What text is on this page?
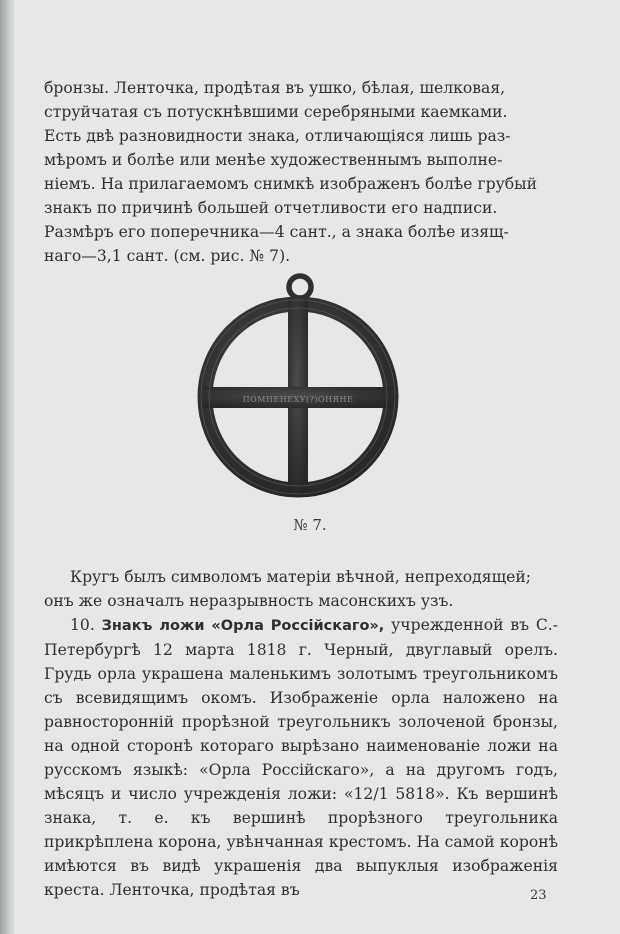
бронзы. Ленточка, продѣтая въ ушко, бѣлая, шелковая,

струйчатая съ потускнѣвшими серебряными каемками.

Есть двѣ разновидности знака, отличающіяся лишь раз-

мѣромъ и болѣе или менѣе художественнымъ выполне-

ніемъ. На прилагаемомъ снимкѣ изображенъ болѣе грубый

знакъ по причинѣ большей отчетливости его надписи.

Размѣръ его поперечника—4 сант., а знака болѣе изящ-

наго—3,1 сант. (см. рис. № 7).

ПОМНЕНЕХУ(?)ОНЯНЕ
№ 7.

Кругъ былъ символомъ матеріи вѣчной, непреходящей;

онъ же означалъ неразрывность масонскихъ узъ.

10. Знакъ ложи «Орла Россійскаго», учрежденной въ С.-Петербургѣ 12 марта 1818 г. Черный, двуглавый орелъ. Грудь орла украшена маленькимъ золотымъ треугольникомъ съ всевидящимъ окомъ. Изображеніе орла наложено на равносторонній прорѣзной треугольникъ золоченой бронзы, на одной сторонѣ котораго вырѣзано наименованіе ложи на русскомъ языкѣ: «Орла Россійскаго», а на другомъ годъ, мѣсяцъ и число учрежденія ложи: «12/1 5818». Къ вершинѣ знака, т. е. къ вершинѣ прорѣзного треугольника прикрѣплена корона, увѣнчанная крестомъ. На самой коронѣ имѣются въ видѣ украшенія два выпуклыя изображенія креста. Ленточка, продѣтая въ	23
